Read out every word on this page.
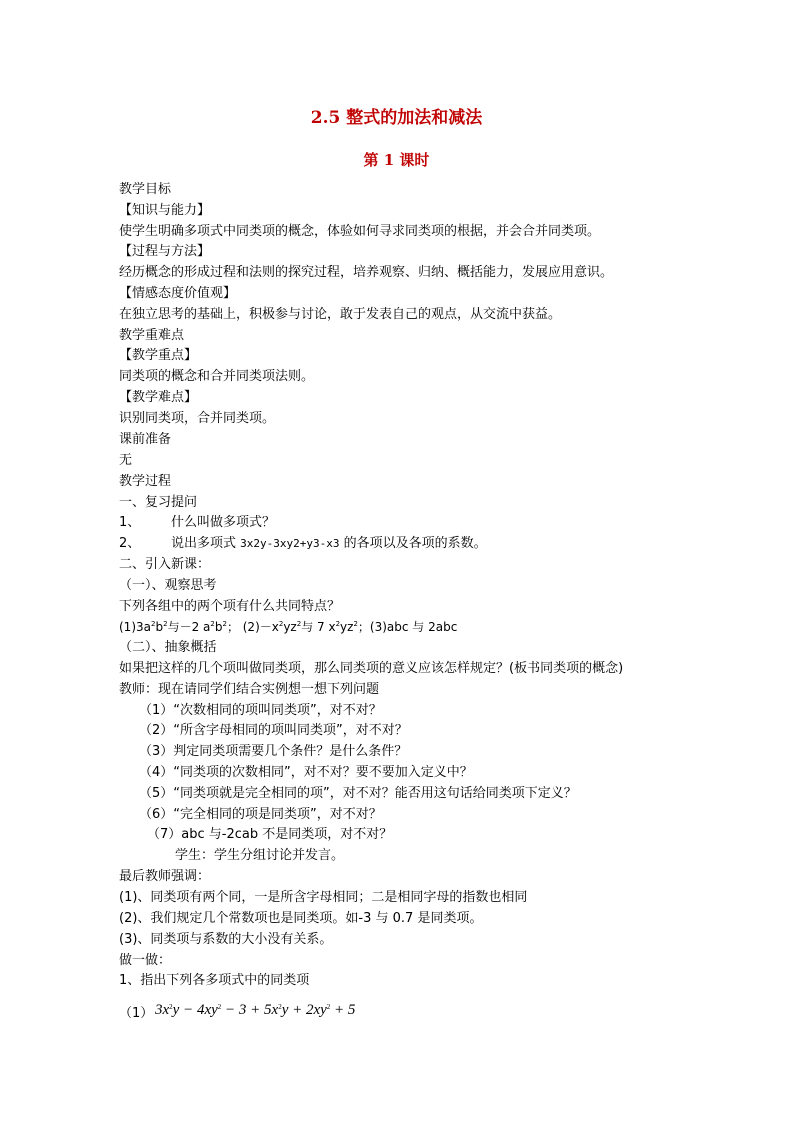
2.5 整式的加法和减法
第 1 课时
教学目标
【知识与能力】
使学生明确多项式中同类项的概念，体验如何寻求同类项的根据，并会合并同类项。
【过程与方法】
经历概念的形成过程和法则的探究过程，培养观察、归纳、概括能力，发展应用意识。
【情感态度价值观】
在独立思考的基础上，积极参与讨论，敢于发表自己的观点，从交流中获益。
教学重难点
【教学重点】
同类项的概念和合并同类项法则。
【教学难点】
识别同类项，合并同类项。
课前准备
无
教学过程
一、复习提问
1、 什么叫做多项式？
2、 说出多项式 3x2y-3xy2+y3-x3 的各项以及各项的系数。
二、引入新课：
（一）、观察思考
下列各组中的两个项有什么共同特点？
$(1)3a^2b^2$与－2 $a^2b^2$； $(2)-x^2yz^2$与 7 $x^2yz^2$；(3)abc 与 2abc
（二）、抽象概括
如果把这样的几个项叫做同类项，那么同类项的意义应该怎样规定？(板书同类项的概念)
教师：现在请同学们结合实例想一想下列问题
（1）“次数相同的项叫同类项”，对不对？
（2）“所含字母相同的项叫同类项”，对不对？
（3）判定同类项需要几个条件？是什么条件？
（4）“同类项的次数相同”，对不对？要不要加入定义中？
（5）“同类项就是完全相同的项”，对不对？能否用这句话给同类项下定义？
（6）“完全相同的项是同类项”，对不对？
（7）abc 与-2cab 不是同类项，对不对？
学生：学生分组讨论并发言。
最后教师强调：
(1)、同类项有两个同，一是所含字母相同；二是相同字母的指数也相同
(2)、我们规定几个常数项也是同类项。如-3 与 0.7 是同类项。
(3)、同类项与系数的大小没有关系。
做一做：
1、指出下列各多项式中的同类项
（1） $3x^2y - 4xy^2 - 3 + 5x^2y + 2xy^2 + 5$
